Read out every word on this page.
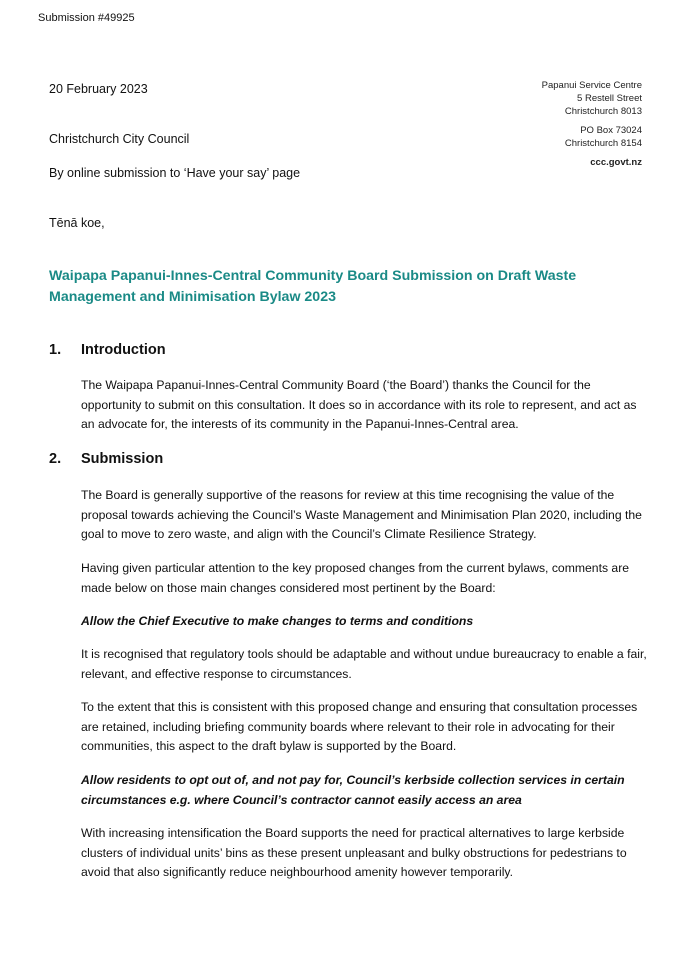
Submission #49925
20 February 2023
Christchurch City Council
By online submission to ‘Have your say’ page
Tēnā koe,
Papanui Service Centre
5 Restell Street
Christchurch 8013
PO Box 73024
Christchurch 8154
ccc.govt.nz
Waipapa Papanui-Innes-Central Community Board Submission on Draft Waste Management and Minimisation Bylaw 2023
1. Introduction
The Waipapa Papanui-Innes-Central Community Board (‘the Board’) thanks the Council for the opportunity to submit on this consultation. It does so in accordance with its role to represent, and act as an advocate for, the interests of its community in the Papanui-Innes-Central area.
2. Submission
The Board is generally supportive of the reasons for review at this time recognising the value of the proposal towards achieving the Council’s Waste Management and Minimisation Plan 2020, including the goal to move to zero waste, and align with the Council’s Climate Resilience Strategy.
Having given particular attention to the key proposed changes from the current bylaws, comments are made below on those main changes considered most pertinent by the Board:
Allow the Chief Executive to make changes to terms and conditions
It is recognised that regulatory tools should be adaptable and without undue bureaucracy to enable a fair, relevant, and effective response to circumstances.
To the extent that this is consistent with this proposed change and ensuring that consultation processes are retained, including briefing community boards where relevant to their role in advocating for their communities, this aspect to the draft bylaw is supported by the Board.
Allow residents to opt out of, and not pay for, Council’s kerbside collection services in certain circumstances e.g. where Council’s contractor cannot easily access an area
With increasing intensification the Board supports the need for practical alternatives to large kerbside clusters of individual units’ bins as these present unpleasant and bulky obstructions for pedestrians to avoid that also significantly reduce neighbourhood amenity however temporarily.
